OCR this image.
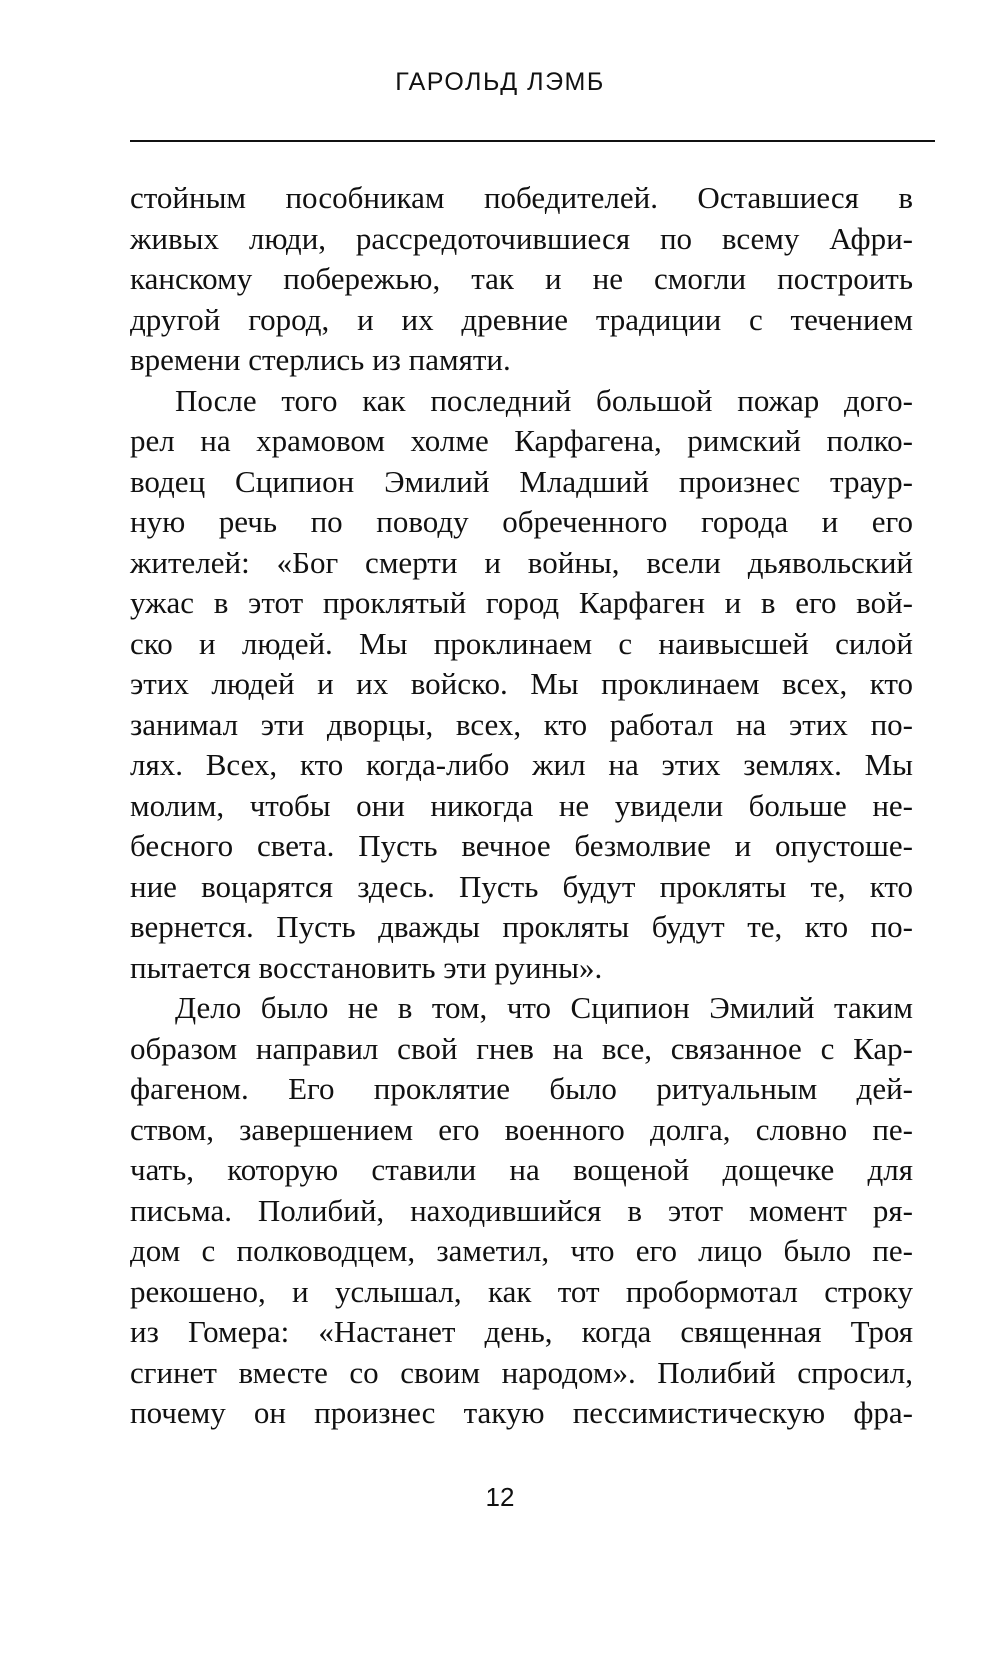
ГАРОЛЬД ЛЭМБ
стойным пособникам победителей. Оставшиеся в
живых люди, рассредоточившиеся по всему Афри-
канскому побережью, так и не смогли построить
другой город, и их древние традиции с течением
времени стерлись из памяти.
После того как последний большой пожар дого-
рел на храмовом холме Карфагена, римский полко-
водец Сципион Эмилий Младший произнес траур-
ную речь по поводу обреченного города и его
жителей: «Бог смерти и войны, всели дьявольский
ужас в этот проклятый город Карфаген и в его вой-
ско и людей. Мы проклинаем с наивысшей силой
этих людей и их войско. Мы проклинаем всех, кто
занимал эти дворцы, всех, кто работал на этих по-
лях. Всех, кто когда-либо жил на этих землях. Мы
молим, чтобы они никогда не увидели больше не-
бесного света. Пусть вечное безмолвие и опустоше-
ние воцарятся здесь. Пусть будут прокляты те, кто
вернется. Пусть дважды прокляты будут те, кто по-
пытается восстановить эти руины».
Дело было не в том, что Сципион Эмилий таким
образом направил свой гнев на все, связанное с Кар-
фагеном. Его проклятие было ритуальным дей-
ством, завершением его военного долга, словно пе-
чать, которую ставили на вощеной дощечке для
письма. Полибий, находившийся в этот момент ря-
дом с полководцем, заметил, что его лицо было пе-
рекошено, и услышал, как тот пробормотал строку
из Гомера: «Настанет день, когда священная Троя
сгинет вместе со своим народом». Полибий спросил,
почему он произнес такую пессимистическую фра-
12
